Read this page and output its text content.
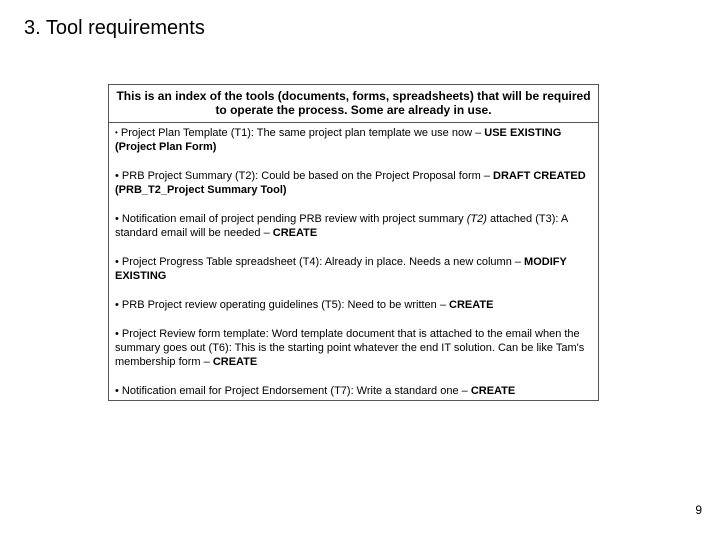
3. Tool requirements
This is an index of the tools (documents, forms, spreadsheets) that will be required to operate the process. Some are already in use.
• Project Plan Template (T1): The same project plan template we use now – USE EXISTING (Project Plan Form)
• PRB Project Summary (T2): Could be based on the Project Proposal form – DRAFT CREATED (PRB_T2_Project Summary Tool)
• Notification email of project pending PRB review with project summary (T2) attached (T3): A standard email will be needed – CREATE
• Project Progress Table spreadsheet (T4): Already in place. Needs a new column – MODIFY EXISTING
• PRB Project review operating guidelines (T5): Need to be written – CREATE
• Project Review form template: Word template document that is attached to the email when the summary goes out (T6): This is the starting point whatever the end IT solution. Can be like Tam's membership form – CREATE
• Notification email for Project Endorsement (T7): Write a standard one – CREATE
9
